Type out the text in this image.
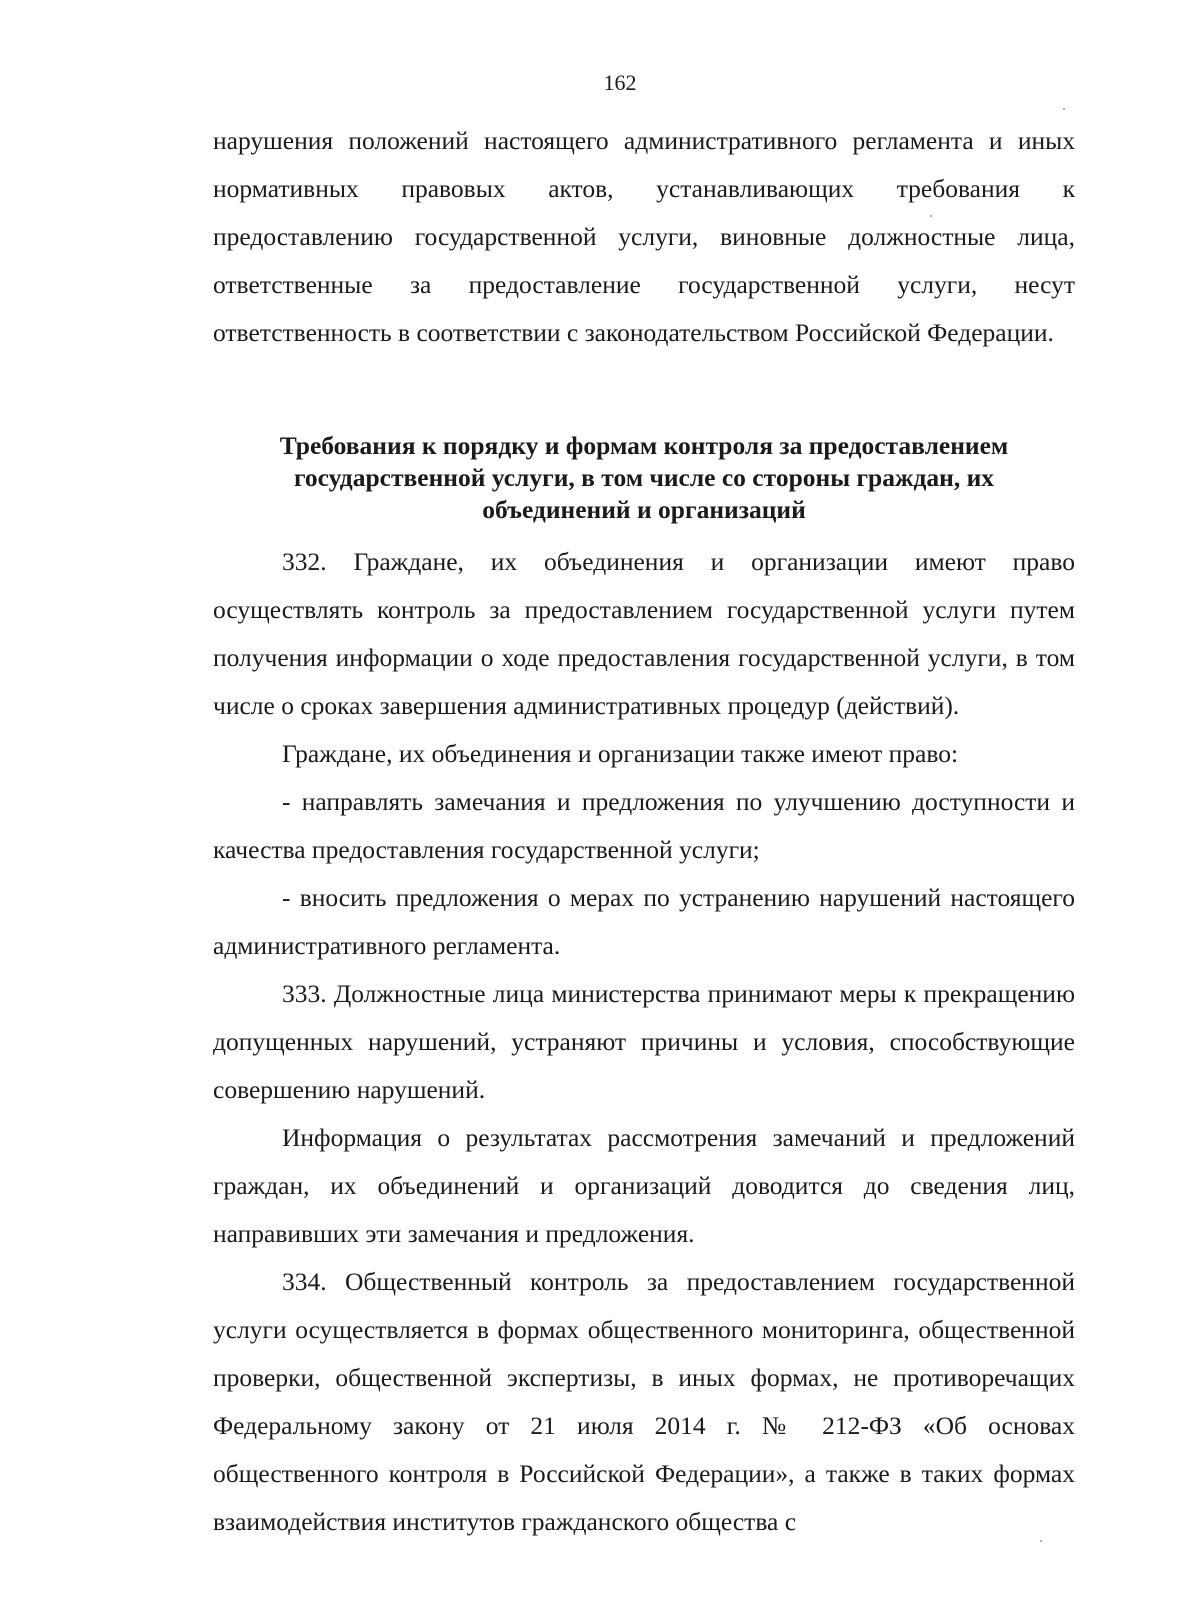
162

нарушения положений настоящего административного регламента и иных нормативных правовых актов, устанавливающих требования к предоставлению государственной услуги, виновные должностные лица, ответственные за предоставление государственной услуги, несут ответственность в соответствии с законодательством Российской Федерации.

Требования к порядку и формам контроля за предоставлением
государственной услуги, в том числе со стороны граждан, их
объединений и организаций

332. Граждане, их объединения и организации имеют право осуществлять контроль за предоставлением государственной услуги путем получения информации о ходе предоставления государственной услуги, в том числе о сроках завершения административных процедур (действий).

Граждане, их объединения и организации также имеют право:

- направлять замечания и предложения по улучшению доступности и качества предоставления государственной услуги;

- вносить предложения о мерах по устранению нарушений настоящего административного регламента.

333. Должностные лица министерства принимают меры к прекращению допущенных нарушений, устраняют причины и условия, способствующие совершению нарушений.

Информация о результатах рассмотрения замечаний и предложений граждан, их объединений и организаций доводится до сведения лиц, направивших эти замечания и предложения.

334. Общественный контроль за предоставлением государственной услуги осуществляется в формах общественного мониторинга, общественной проверки, общественной экспертизы, в иных формах, не противоречащих Федеральному закону от 21 июля 2014 г. № 212-ФЗ «Об основах общественного контроля в Российской Федерации», а также в таких формах взаимодействия институтов гражданского общества с
